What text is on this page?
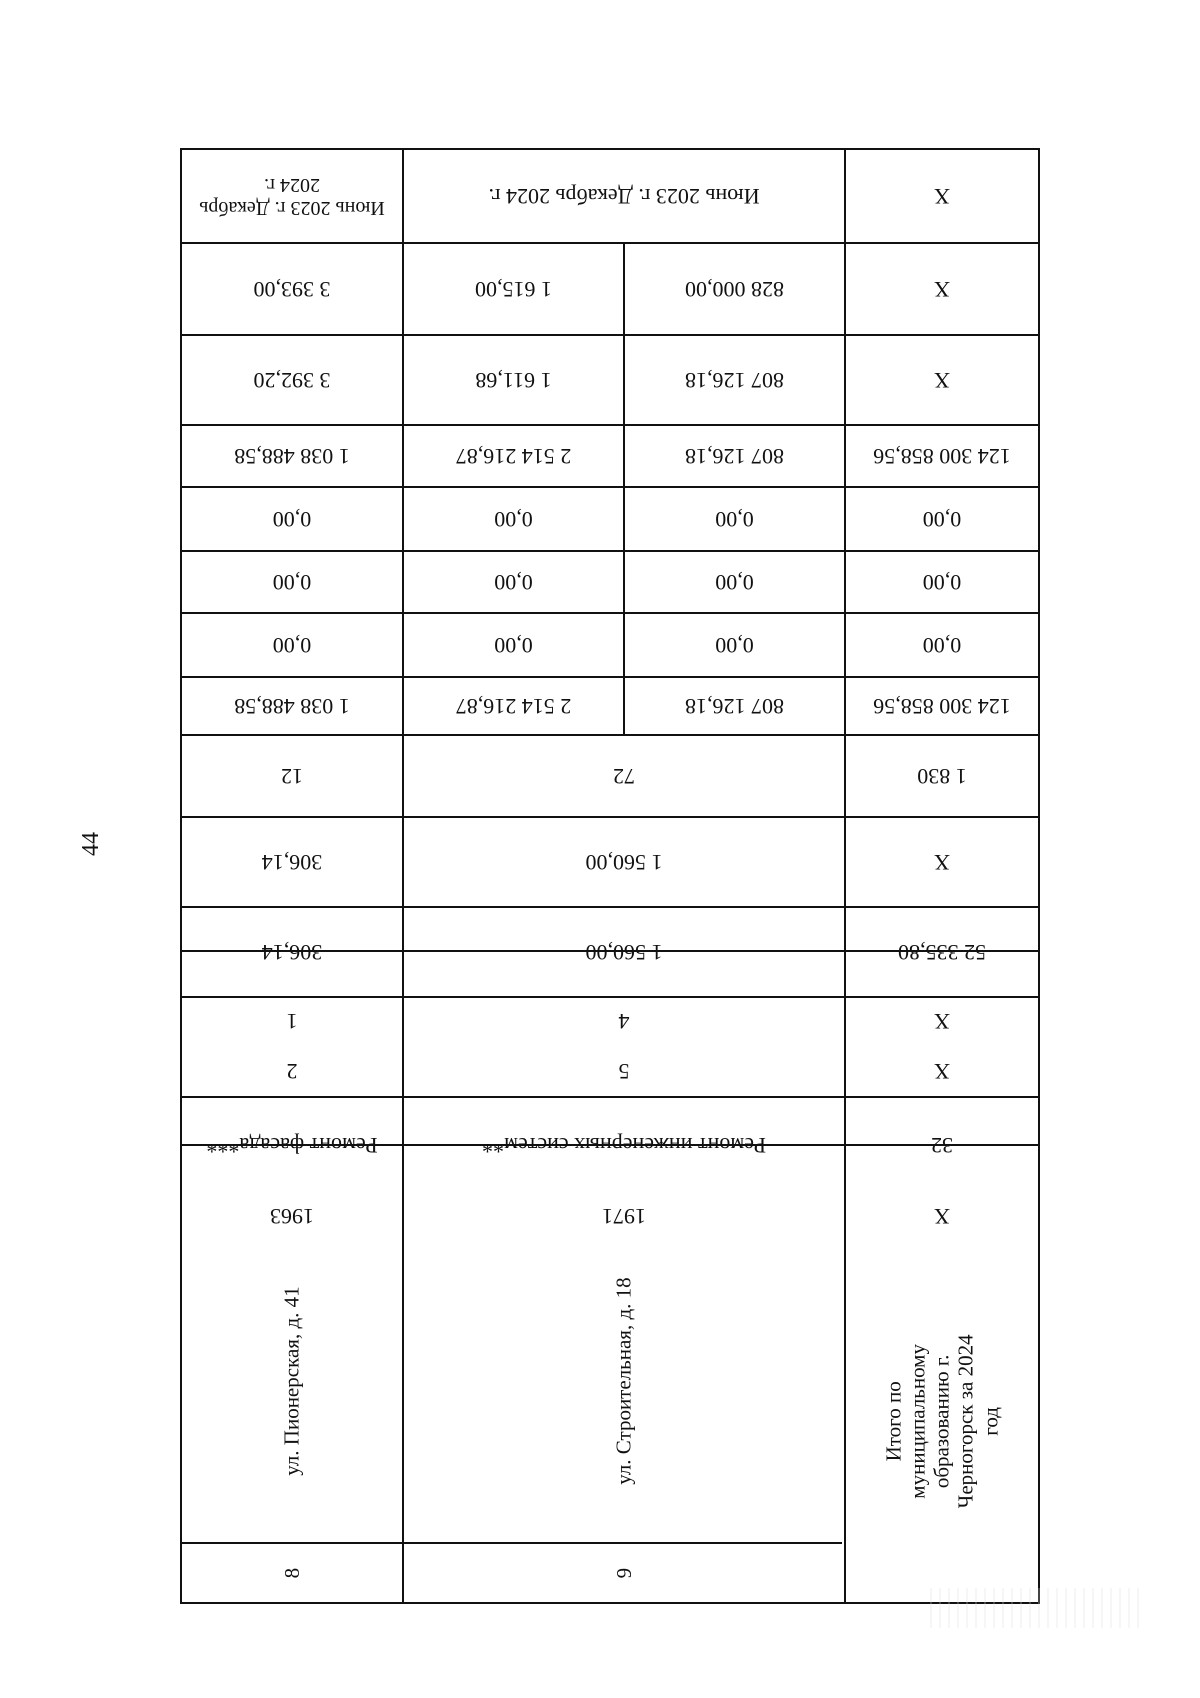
44
X
Июнь 2023 г. Декабрь 2024 г.
Июнь 2023 г. Декабрь 2024 г.
X
828 000,00
1 615,00
3 393,00
X
807 126,18
1 611,68
3 392,20
124 300 858,56
807 126,18
2 514 216,87
1 038 488,58
0,00
0,00
0,00
0,00
0,00
0,00
0,00
0,00
0,00
0,00
0,00
0,00
124 300 858,56
807 126,18
2 514 216,87
1 038 488,58
1 830
72
12
X
1 560,00
306,14
52 335,80
1 560,00
306,14
X
4
1
X
5
2
32
Ремонт инженерных систем**
Ремонт фасада***
X
1971
1963
Итого по муниципальному образованию г. Черногорск за 2024 год
ул. Строительная, д. 18
ул. Пионерская, д. 41
9
8
